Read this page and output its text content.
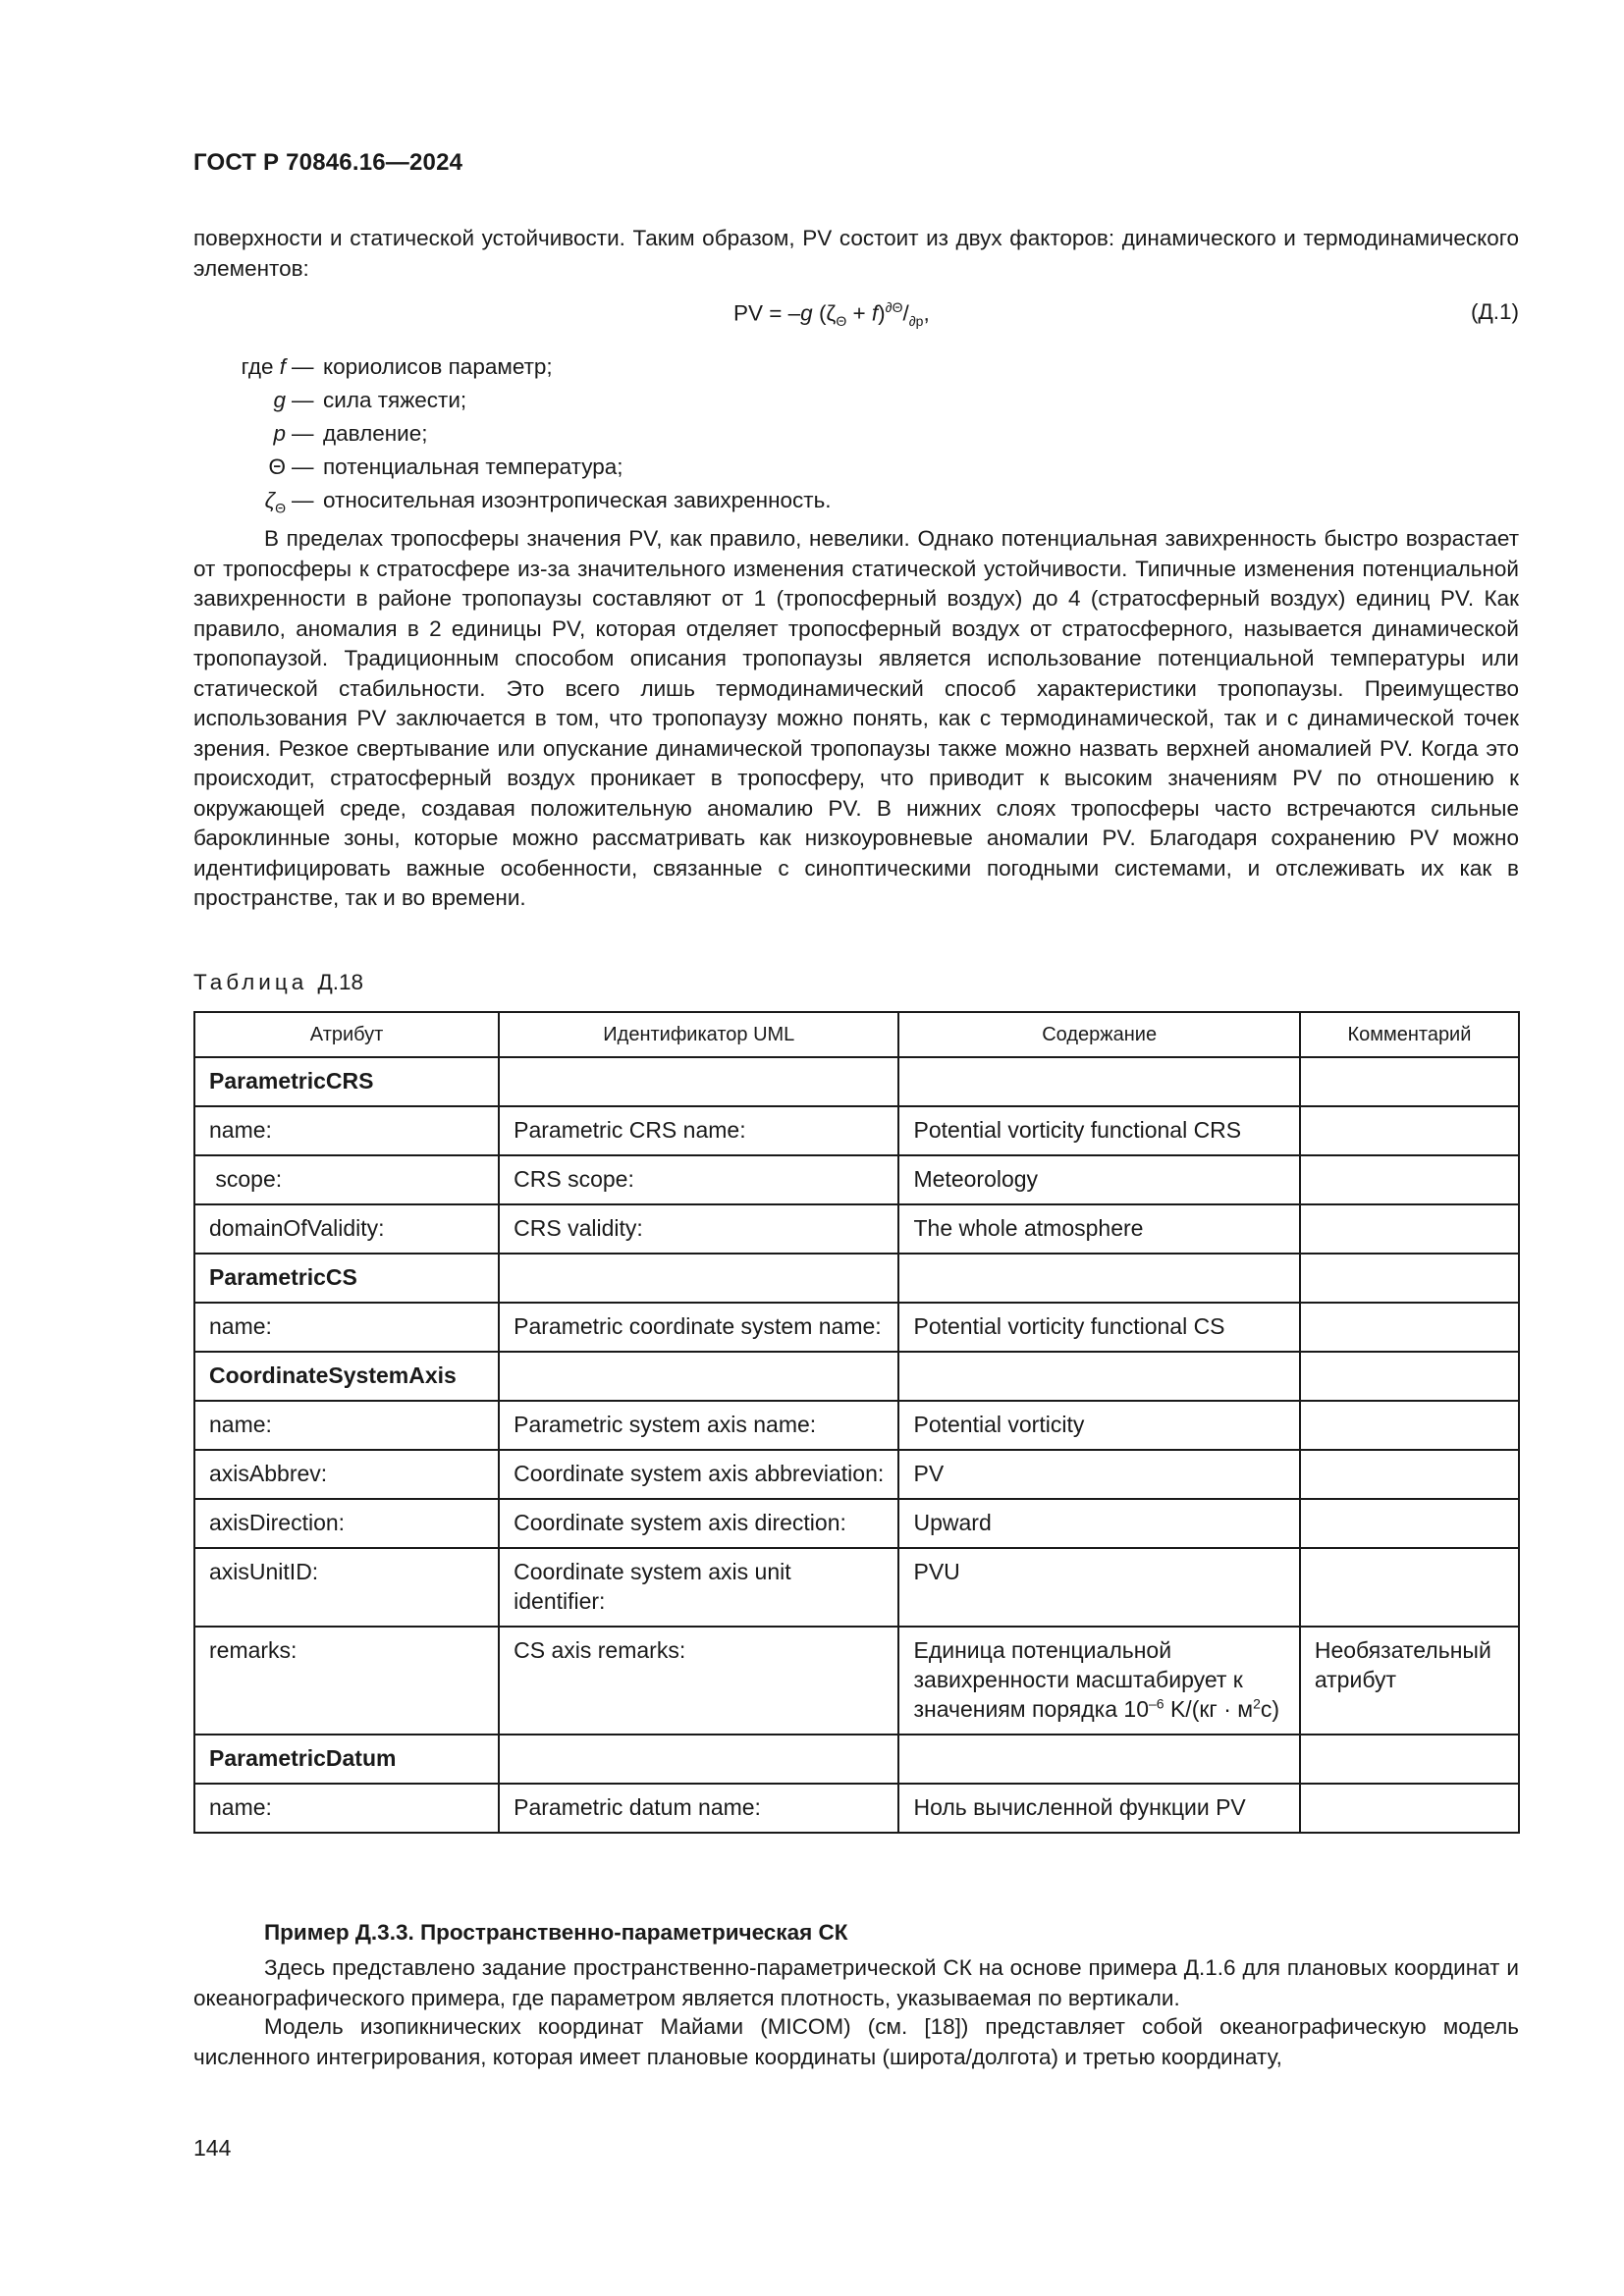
ГОСТ Р 70846.16—2024
поверхности и статической устойчивости. Таким образом, PV состоит из двух факторов: динамического и термодинамического элементов:
PV = –g $(\zeta_\Theta + f)^{\partial\Theta}/_{\partial p}$,	(Д.1)
где f — кориолисов параметр;
g — сила тяжести;
p — давление;
Θ — потенциальная температура;
$\zeta_\Theta$ — относительная изоэнтропическая завихренность.
В пределах тропосферы значения PV, как правило, невелики. Однако потенциальная завихренность быстро возрастает от тропосферы к стратосфере из-за значительного изменения статической устойчивости. Типичные изменения потенциальной завихренности в районе тропопаузы составляют от 1 (тропосферный воздух) до 4 (стратосферный воздух) единиц PV. Как правило, аномалия в 2 единицы PV, которая отделяет тропосферный воздух от стратосферного, называется динамической тропопаузой. Традиционным способом описания тропопаузы является использование потенциальной температуры или статической стабильности. Это всего лишь термодинамический способ характеристики тропопаузы. Преимущество использования PV заключается в том, что тропопаузу можно понять, как с термодинамической, так и с динамической точек зрения. Резкое свертывание или опускание динамической тропопаузы также можно назвать верхней аномалией PV. Когда это происходит, стратосферный воздух проникает в тропосферу, что приводит к высоким значениям PV по отношению к окружающей среде, создавая положительную аномалию PV. В нижних слоях тропосферы часто встречаются сильные бароклинные зоны, которые можно рассматривать как низкоуровневые аномалии PV. Благодаря сохранению PV можно идентифицировать важные особенности, связанные с синоптическими погодными системами, и отслеживать их как в пространстве, так и во времени.
Таблица Д.18
Атрибут	Идентификатор UML	Содержание	Комментарий
ParametricCRS			
name:	Parametric CRS name:	Potential vorticity functional CRS	
scope:	CRS scope:	Meteorology	
domainOfValidity:	CRS validity:	The whole atmosphere	
ParametricCS			
name:	Parametric coordinate system name:	Potential vorticity functional CS	
CoordinateSystemAxis			
name:	Parametric system axis name:	Potential vorticity	
axisAbbrev:	Coordinate system axis abbreviation:	PV	
axisDirection:	Coordinate system axis direction:	Upward	
axisUnitID:	Coordinate system axis unit identifier:	PVU	
remarks:	CS axis remarks:	Единица потенциальной завихренности масштабирует к значениям порядка $10^{-6}$ $K/(кг \cdot м^2с)$	Необязательный атрибут
ParametricDatum			
name:	Parametric datum name:	Ноль вычисленной функции PV	
Пример Д.3.3. Пространственно-параметрическая СК
Здесь представлено задание пространственно-параметрической СК на основе примера Д.1.6 для плановых координат и океанографического примера, где параметром является плотность, указываемая по вертикали.
Модель изопикнических координат Майами (MICOM) (см. [18]) представляет собой океанографическую модель численного интегрирования, которая имеет плановые координаты (широта/долгота) и третью координату,
144
